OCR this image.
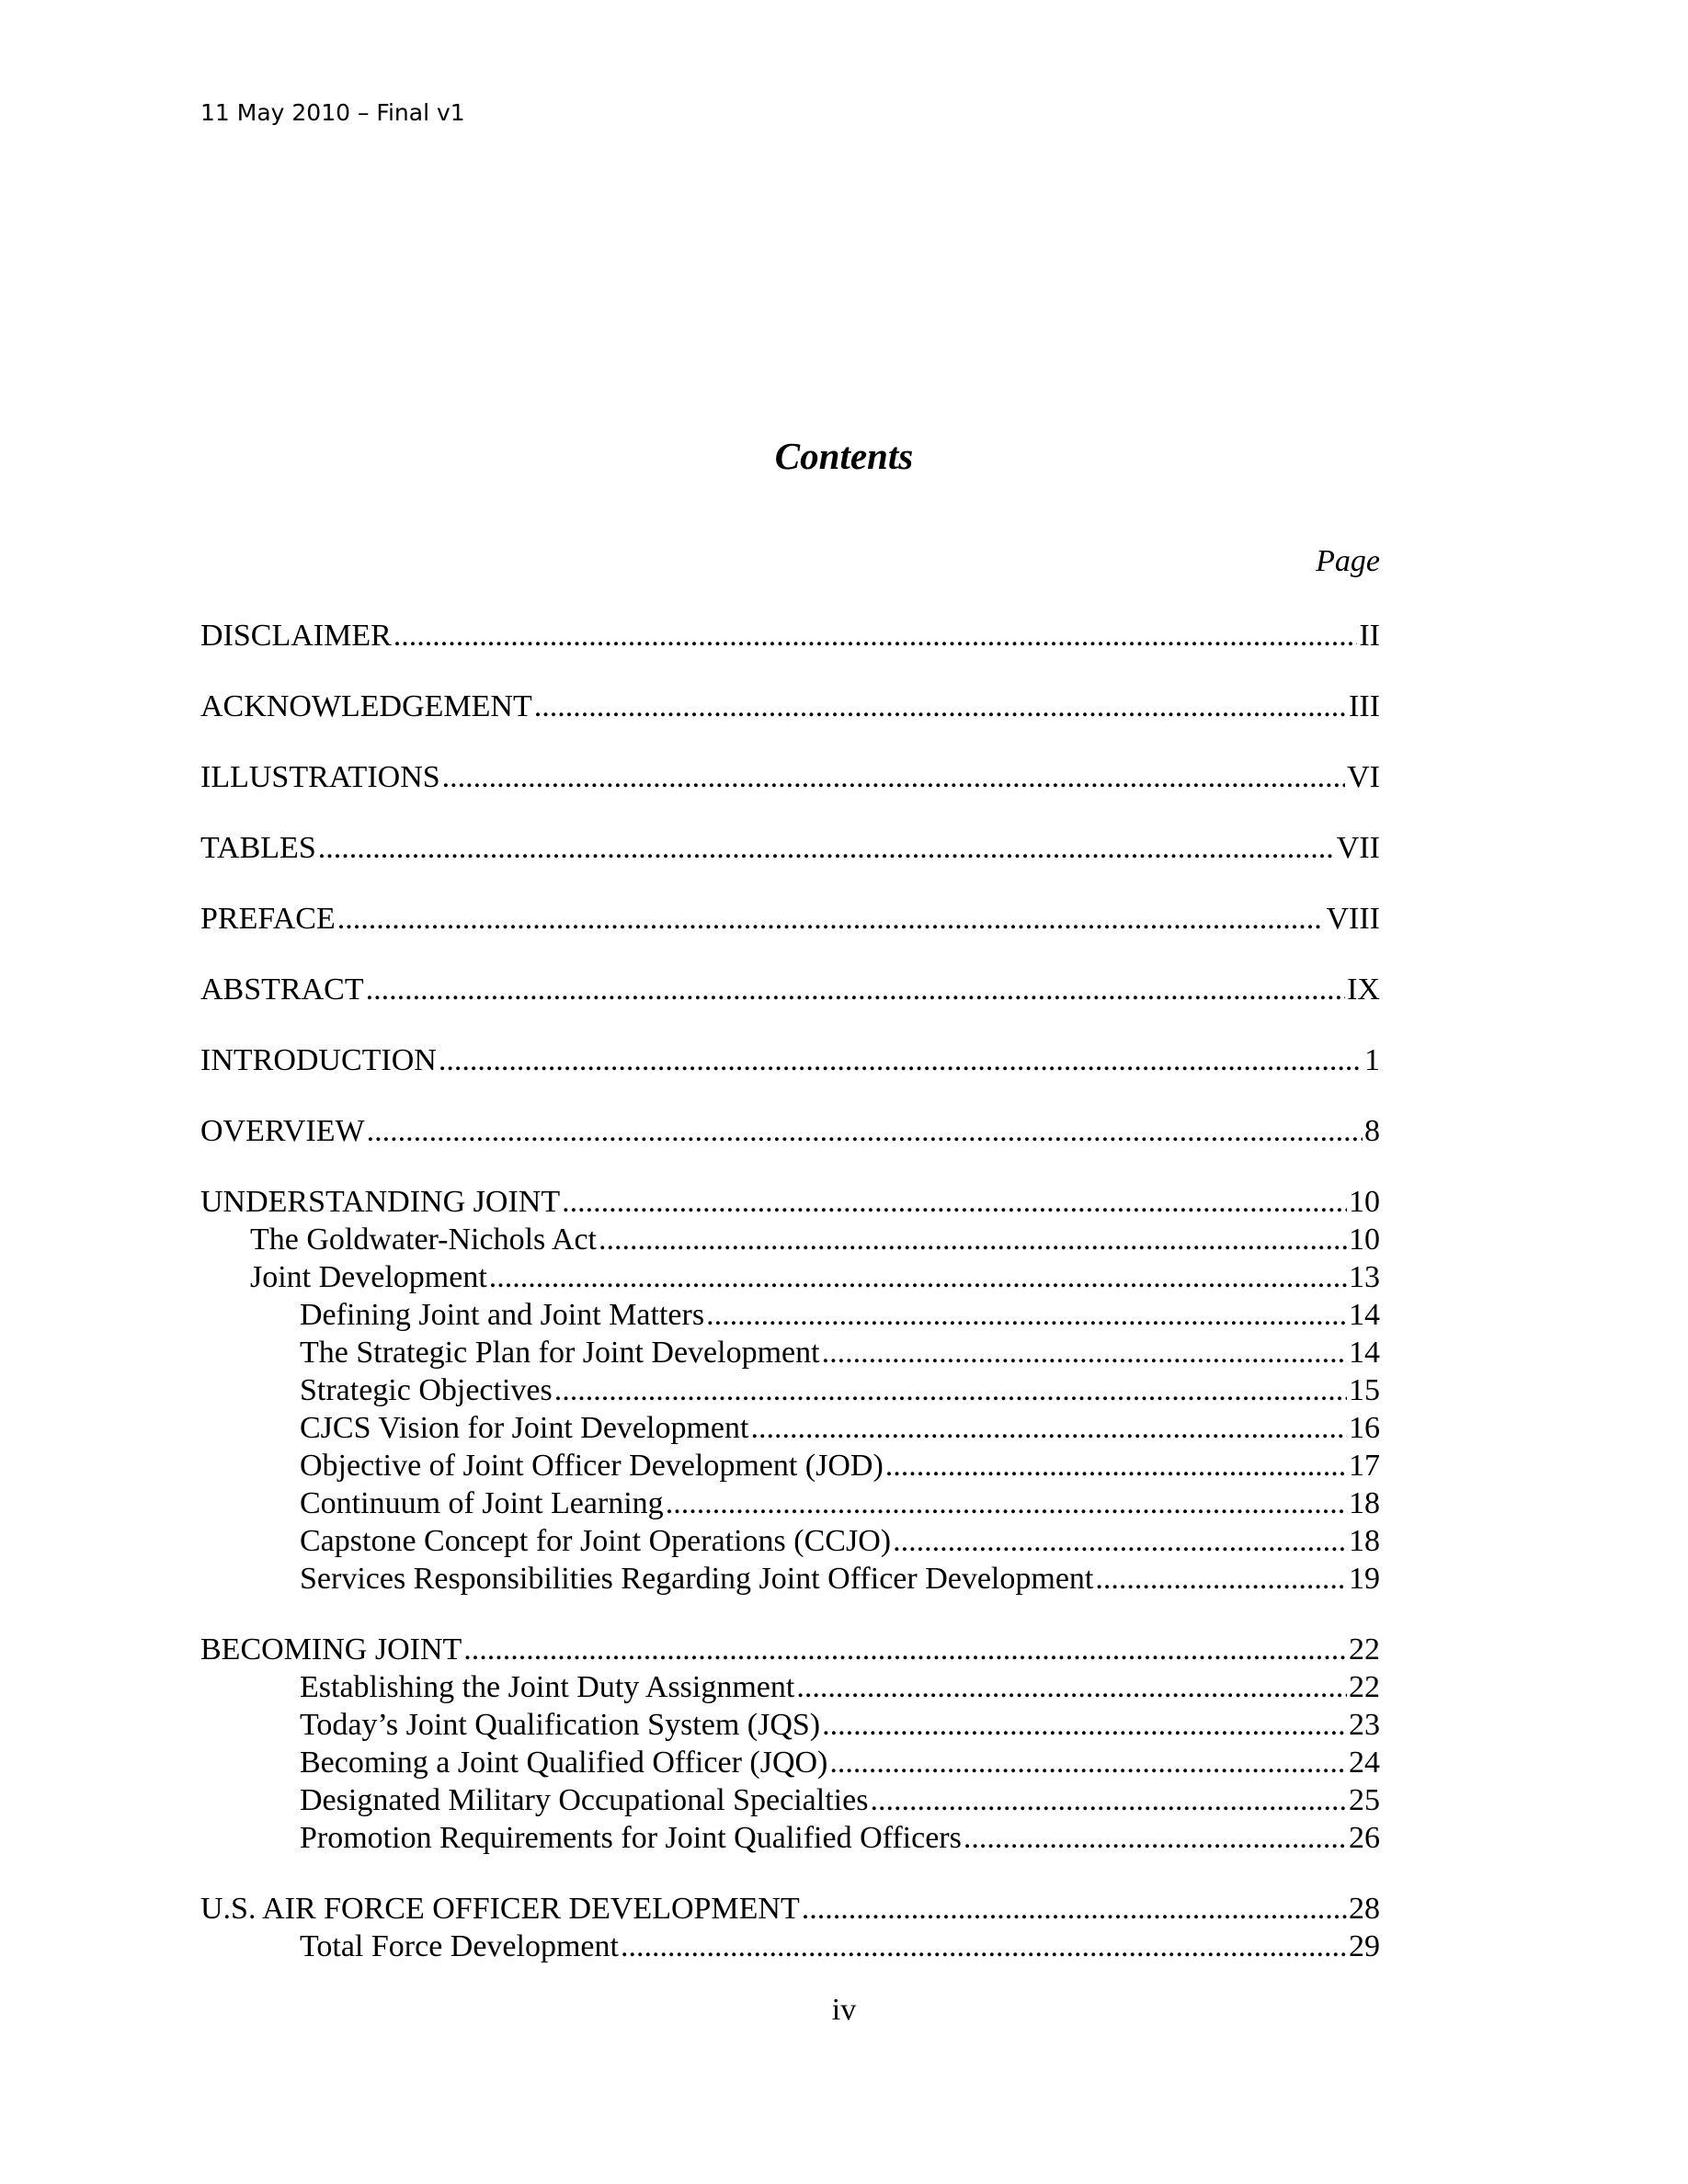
11 May 2010 – Final v1
Contents
Page
DISCLAIMER .....	II
ACKNOWLEDGEMENT .....	III
ILLUSTRATIONS .....	VI
TABLES .....	VII
PREFACE .....	VIII
ABSTRACT .....	IX
INTRODUCTION .....	1
OVERVIEW .....	8
UNDERSTANDING JOINT .....	10
The Goldwater-Nichols Act .....	10
Joint Development .....	13
Defining Joint and Joint Matters .....	14
The Strategic Plan for Joint Development .....	14
Strategic Objectives .....	15
CJCS Vision for Joint Development .....	16
Objective of Joint Officer Development (JOD) .....	17
Continuum of Joint Learning .....	18
Capstone Concept for Joint Operations (CCJO) .....	18
Services Responsibilities Regarding Joint Officer Development .....	19
BECOMING JOINT .....	22
Establishing the Joint Duty Assignment .....	22
Today’s Joint Qualification System (JQS) .....	23
Becoming a Joint Qualified Officer (JQO) .....	24
Designated Military Occupational Specialties .....	25
Promotion Requirements for Joint Qualified Officers .....	26
U.S. AIR FORCE OFFICER DEVELOPMENT .....	28
Total Force Development .....	29
iv
